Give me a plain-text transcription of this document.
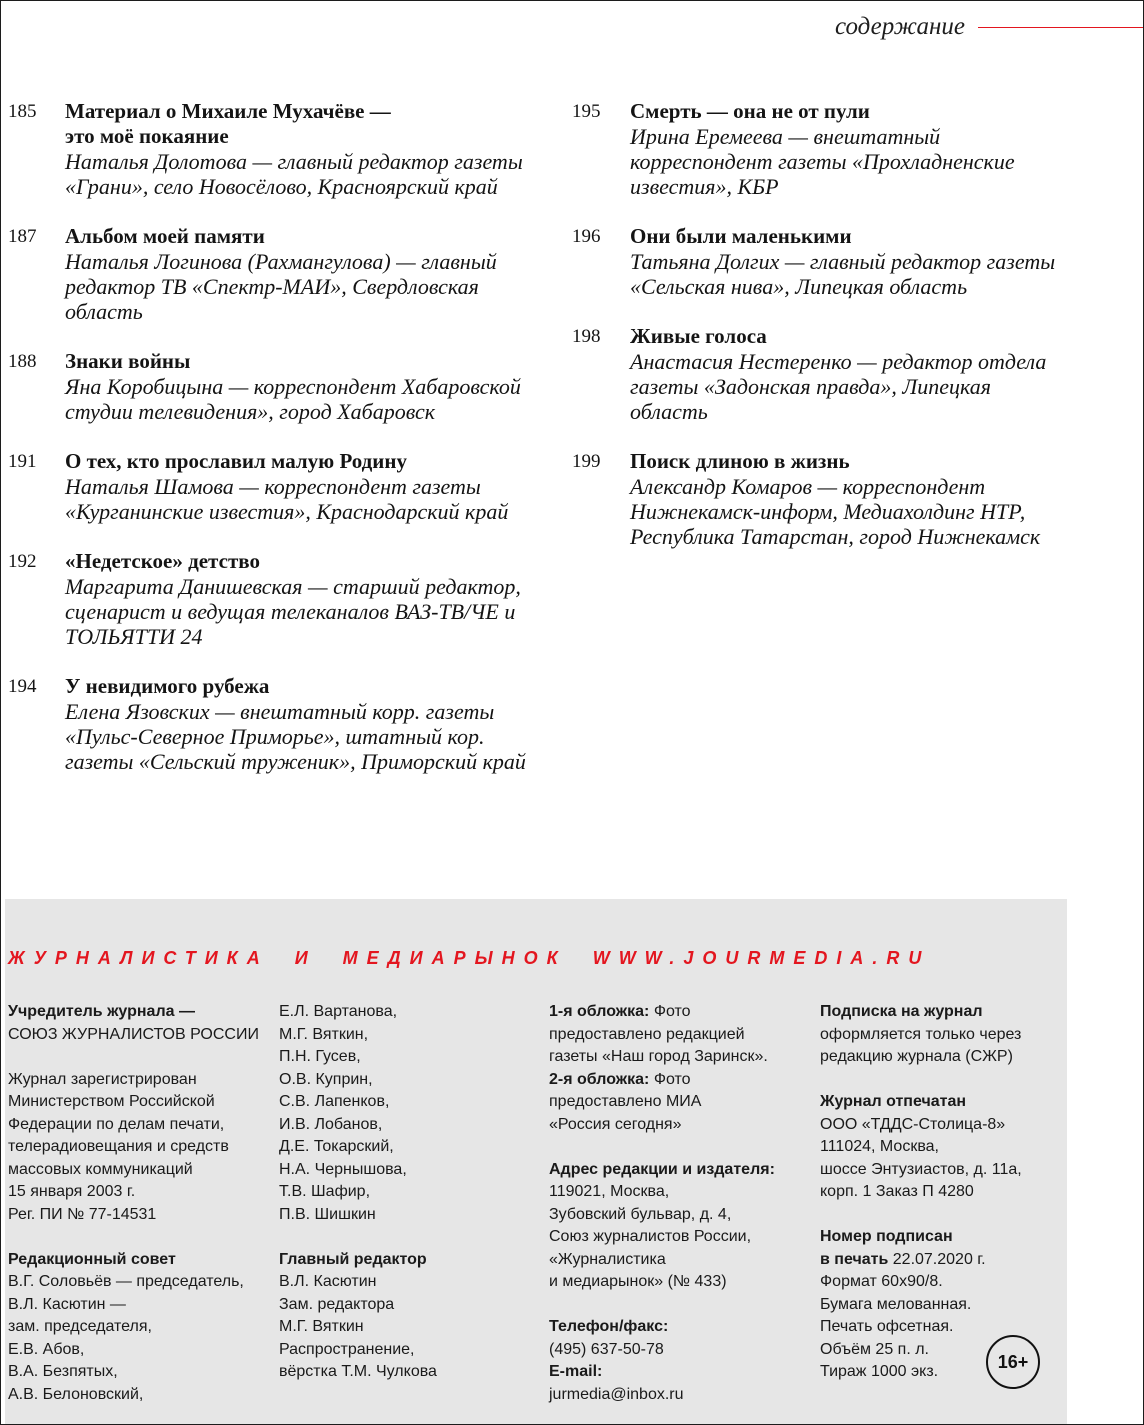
содержание
185 Материал о Михаиле Мухачёве —
это моё покаяние
Наталья Долотова — главный редактор газеты
«Грани», село Новосёлово, Красноярский край
187 Альбом моей памяти
Наталья Логинова (Рахмангулова) — главный
редактор ТВ «Спектр-МАИ», Свердловская
область
188 Знаки войны
Яна Коробицына — корреспондент Хабаровской
студии телевидения», город Хабаровск
191 О тех, кто прославил малую Родину
Наталья Шамова — корреспондент газеты
«Курганинские известия», Краснодарский край
192 «Недетское» детство
Маргарита Данишевская — старший редактор,
сценарист и ведущая телеканалов ВАЗ-ТВ/ЧЕ и
ТОЛЬЯТТИ 24
194 У невидимого рубежа
Елена Язовских — внештатный корр. газеты
«Пульс-Северное Приморье», штатный кор.
газеты «Сельский труженик», Приморский край
195 Смерть — она не от пули
Ирина Еремеева — внештатный
корреспондент газеты «Прохладненские
известия», КБР
196 Они были маленькими
Татьяна Долгих — главный редактор газеты
«Сельская нива», Липецкая область
198 Живые голоса
Анастасия Нестеренко — редактор отдела
газеты «Задонская правда», Липецкая
область
199 Поиск длиною в жизнь
Александр Комаров — корреспондент
Нижнекамск-информ, Медиахолдинг НТР,
Республика Татарстан, город Нижнекамск
ЖУРНАЛИСТИКА И МЕДИАРЫНОК WWW.JOURMEDIA.RU
Учредитель журнала —
СОЮЗ ЖУРНАЛИСТОВ РОССИИ
Журнал зарегистрирован
Министерством Российской
Федерации по делам печати,
телерадиовещания и средств
массовых коммуникаций
15 января 2003 г.
Рег. ПИ № 77-14531
Редакционный совет
В.Г. Соловьёв — председатель,
В.Л. Касютин —
зам. председателя,
Е.В. Абов,
В.А. Безпятых,
А.В. Белоновский,
Е.Л. Вартанова,
М.Г. Вяткин,
П.Н. Гусев,
О.В. Куприн,
С.В. Лапенков,
И.В. Лобанов,
Д.Е. Токарский,
Н.А. Чернышова,
Т.В. Шафир,
П.В. Шишкин
Главный редактор
В.Л. Касютин
Зам. редактора
М.Г. Вяткин
Распространение,
вёрстка Т.М. Чулкова
1-я обложка: Фото
предоставлено редакцией
газеты «Наш город Заринск».
2-я обложка: Фото
предоставлено МИА
«Россия сегодня»
Адрес редакции и издателя:
119021, Москва,
Зубовский бульвар, д. 4,
Союз журналистов России,
«Журналистика
и медиарынок» (№ 433)
Телефон/факс:
(495) 637-50-78
E-mail:
jurmedia@inbox.ru
Подписка на журнал
оформляется только через
редакцию журнала (СЖР)
Журнал отпечатан
ООО «ТДДС-Столица-8»
111024, Москва,
шоссе Энтузиастов, д. 11а,
корп. 1 Заказ П 4280
Номер подписан
в печать 22.07.2020 г.
Формат 60х90/8.
Бумага мелованная.
Печать офсетная.
Объём 25 п. л.
Тираж 1000 экз.	16+
